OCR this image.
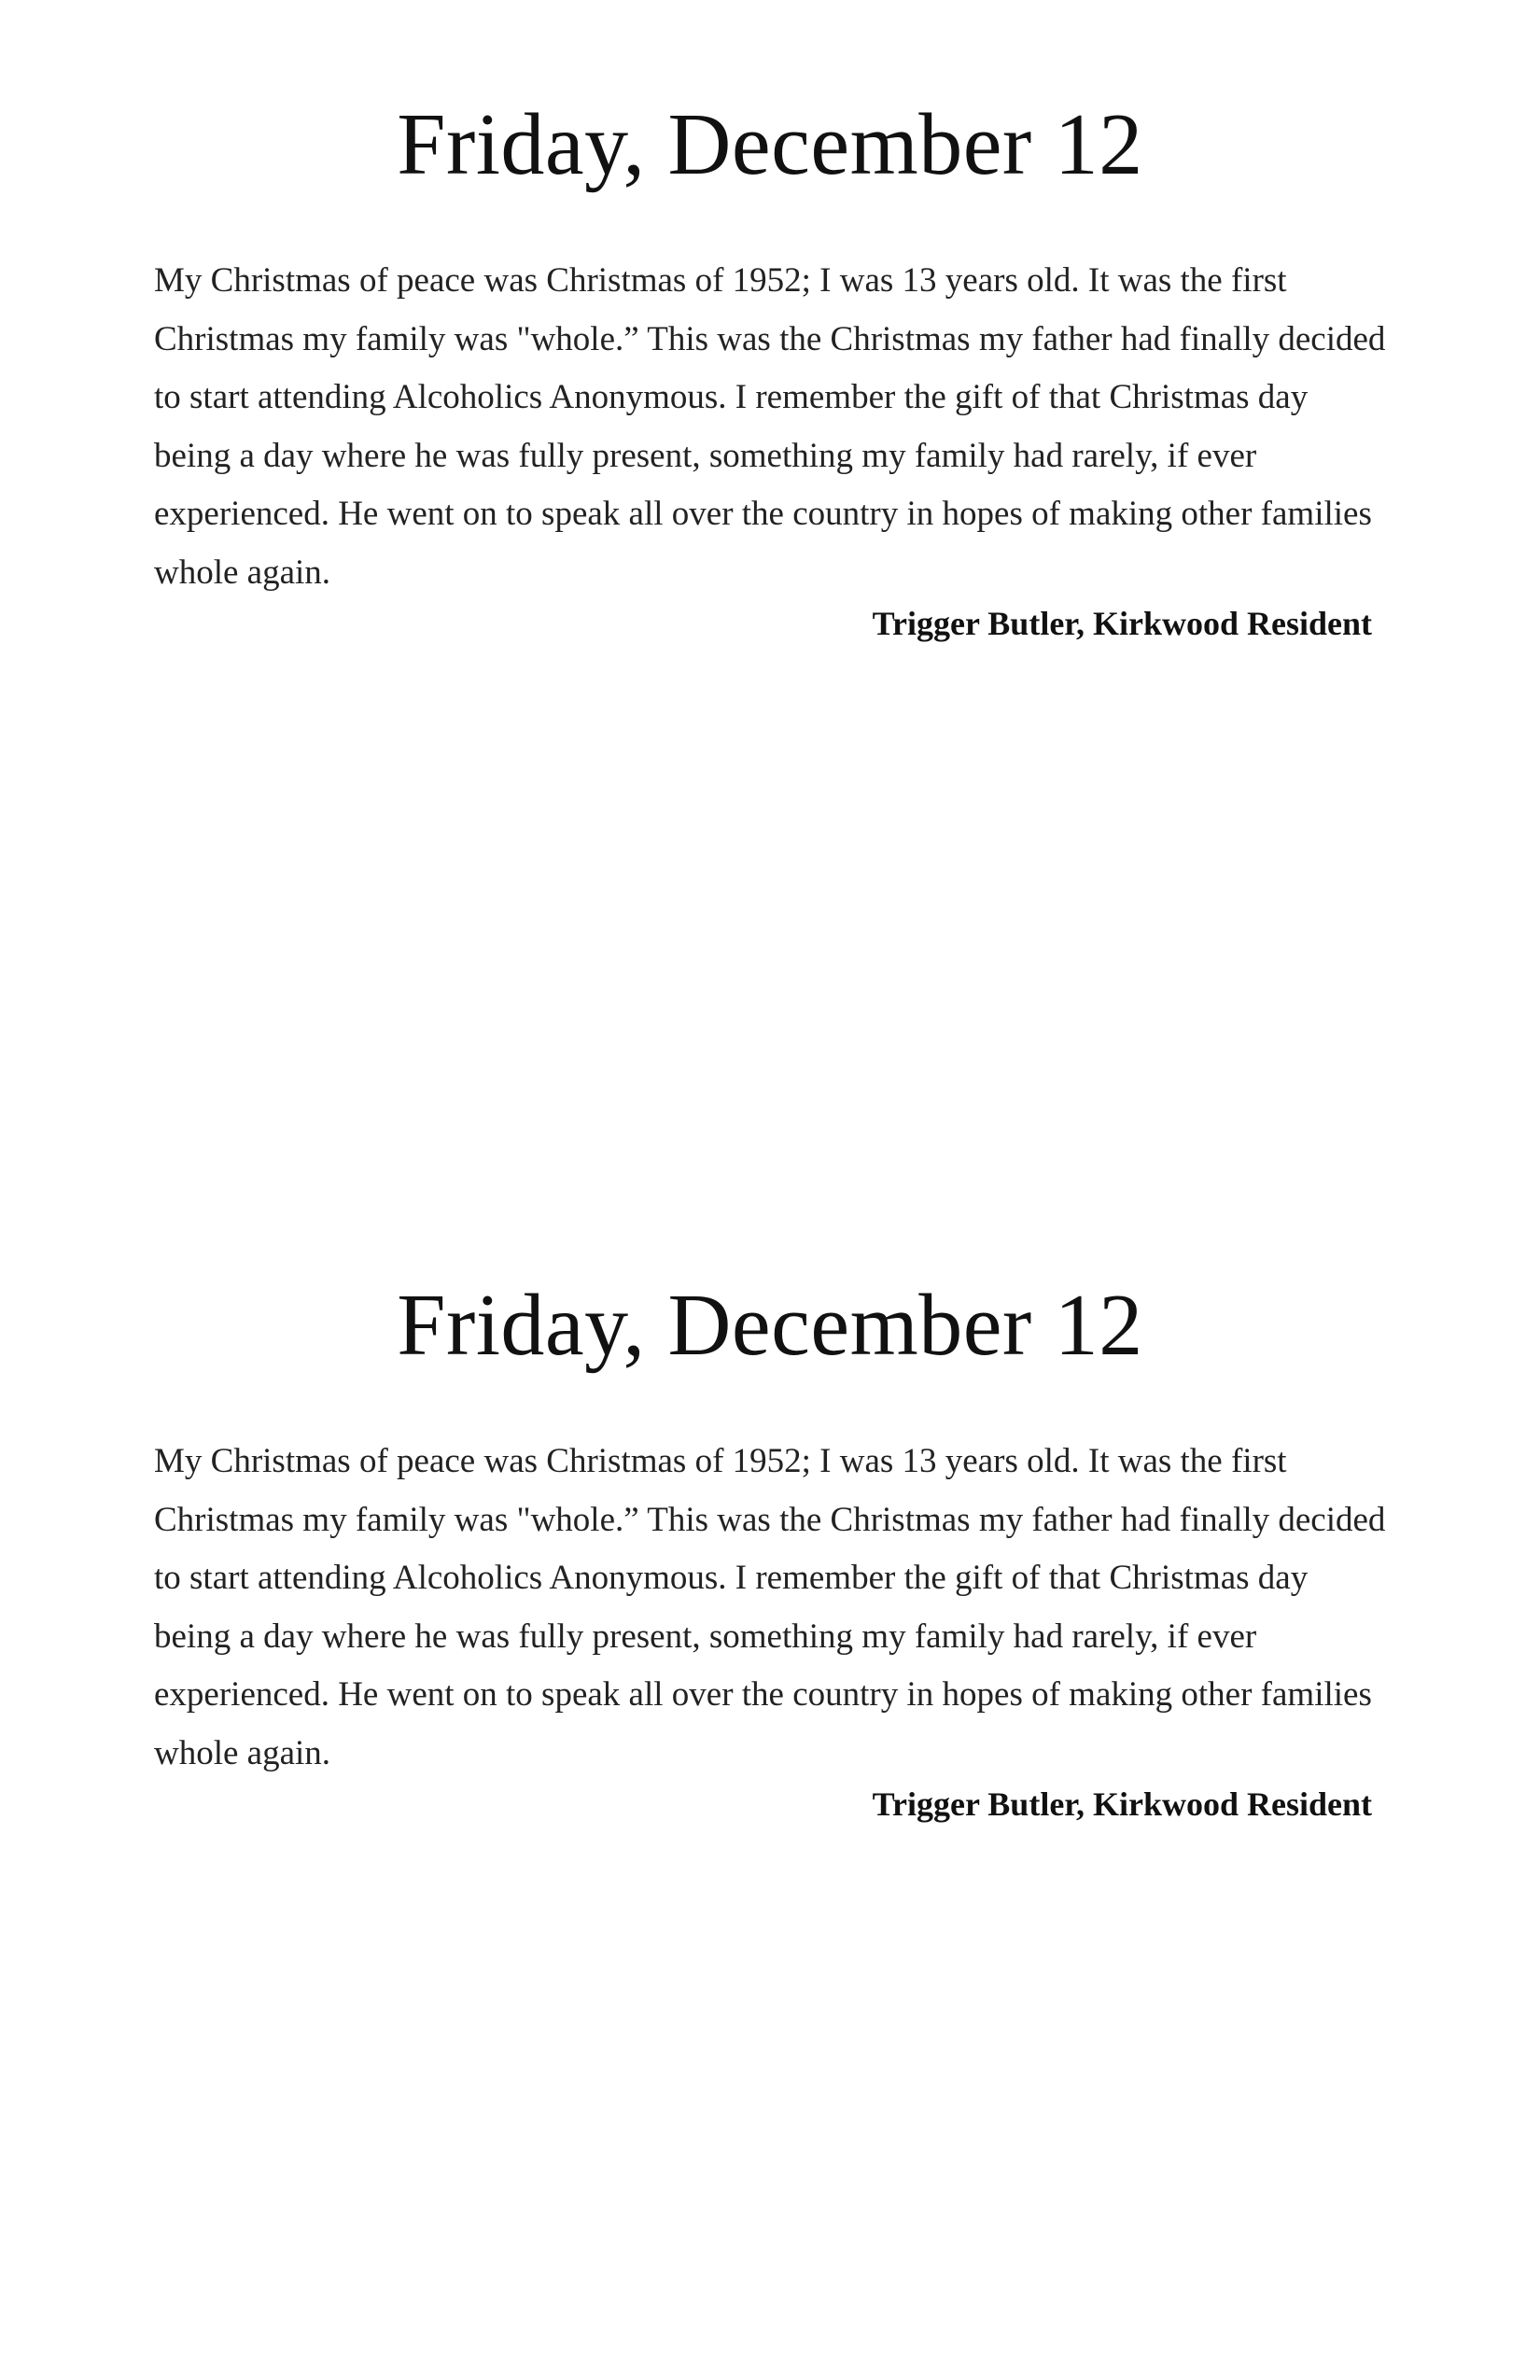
Friday, December 12

My Christmas of peace was Christmas of 1952; I was 13 years old. It was the first Christmas my family was "whole.” This was the Christmas my father had finally decided to start attending Alcoholics Anonymous. I remember the gift of that Christmas day being a day where he was fully present, something my family had rarely, if ever experienced. He went on to speak all over the country in hopes of making other families whole again.

Trigger Butler, Kirkwood Resident

Friday, December 12

My Christmas of peace was Christmas of 1952; I was 13 years old. It was the first Christmas my family was "whole.” This was the Christmas my father had finally decided to start attending Alcoholics Anonymous. I remember the gift of that Christmas day being a day where he was fully present, something my family had rarely, if ever experienced. He went on to speak all over the country in hopes of making other families whole again.

Trigger Butler, Kirkwood Resident
